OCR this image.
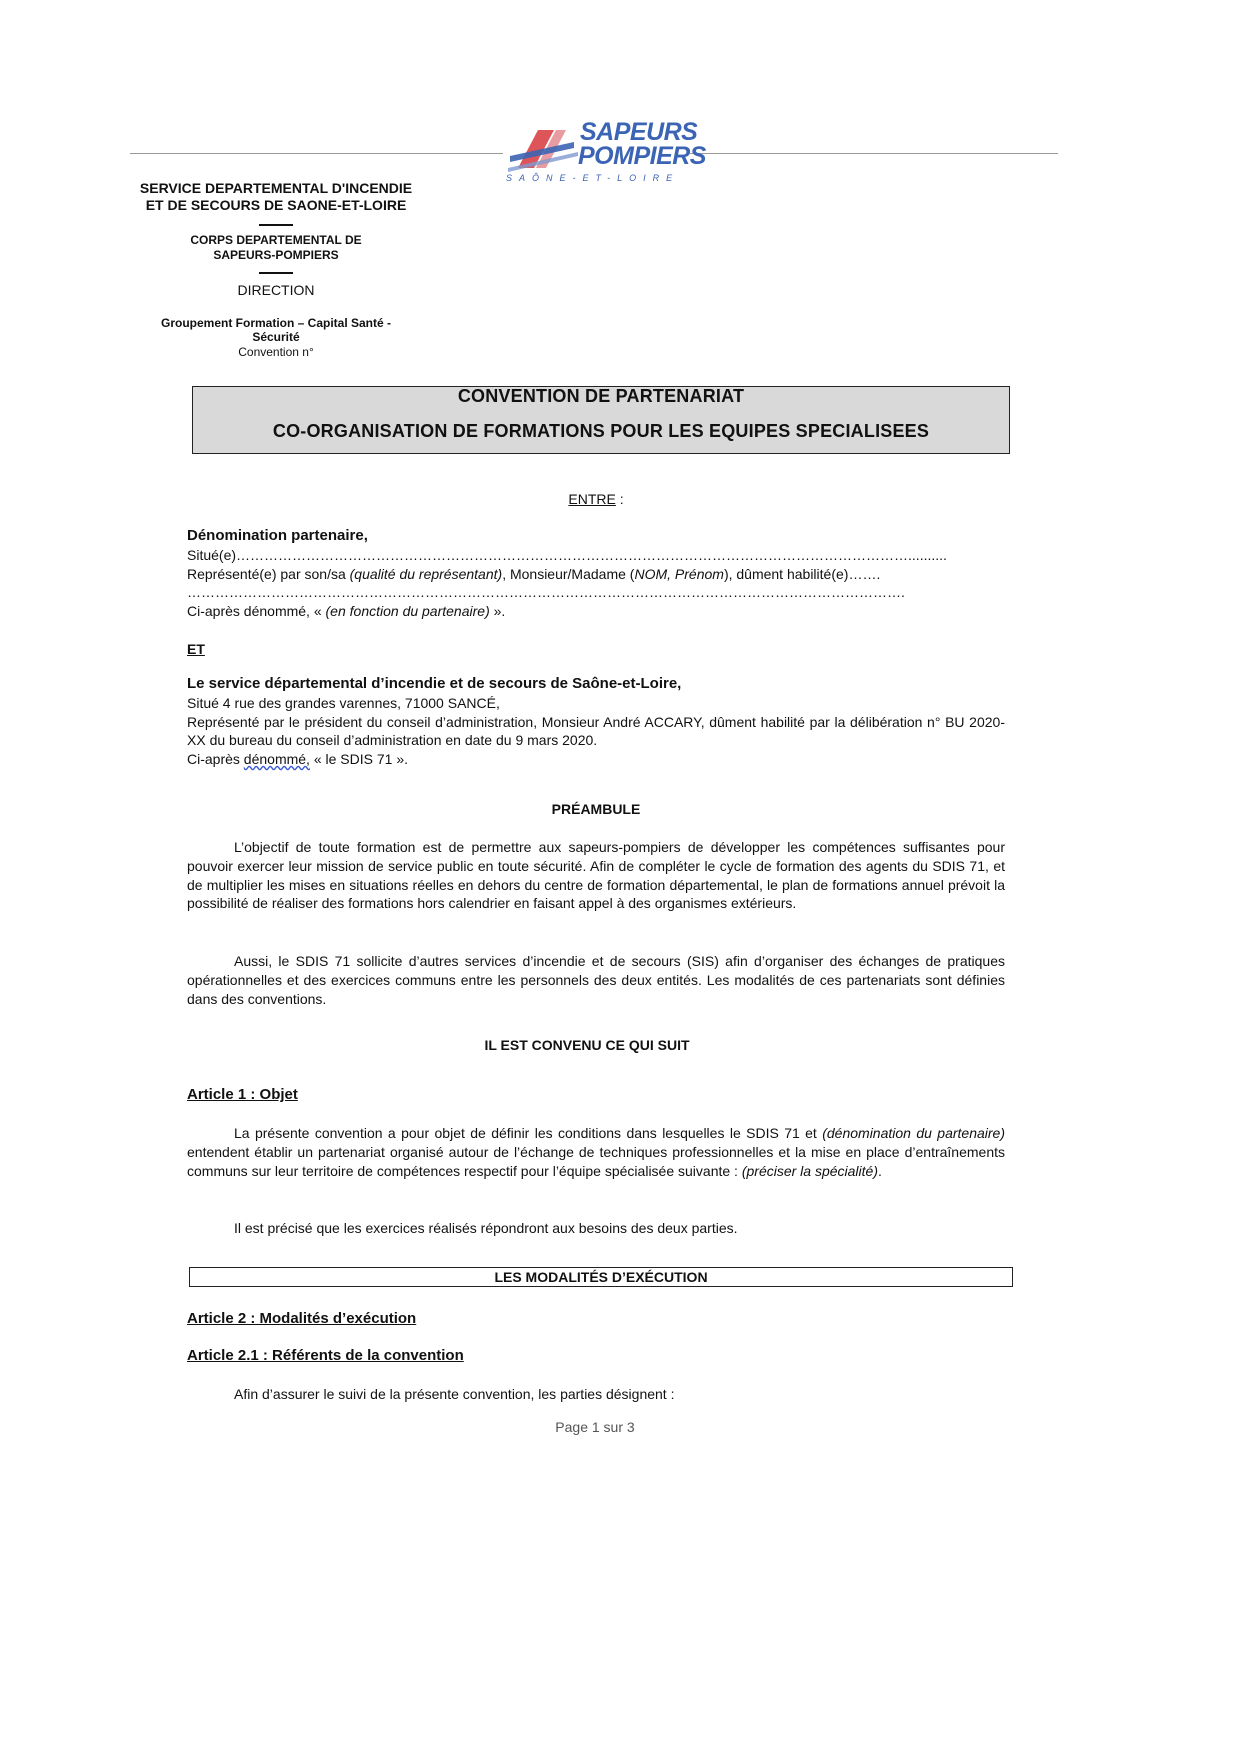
SAPEURS
POMPIERS
SAÔNE-ET-LOIRE
SERVICE DEPARTEMENTAL D'INCENDIE
ET DE SECOURS DE SAONE-ET-LOIRE
CORPS DEPARTEMENTAL DE
SAPEURS-POMPIERS
DIRECTION
Groupement Formation – Capital Santé -
Sécurité
Convention n°
CONVENTION DE PARTENARIAT
CO-ORGANISATION DE FORMATIONS POUR LES EQUIPES SPECIALISEES
ENTRE :
Dénomination partenaire,
Situé(e)………………………………………………………………………………………………………………………………..........
Représenté(e) par son/sa (qualité du représentant), Monsieur/Madame (NOM, Prénom), dûment habilité(e)…….
……………………………………………………………………………………………………………………………………….
Ci-après dénommé, « (en fonction du partenaire) ».
ET
Le service départemental d’incendie et de secours de Saône-et-Loire,
Situé 4 rue des grandes varennes, 71000 SANCÉ,
Représenté par le président du conseil d’administration, Monsieur André ACCARY, dûment habilité par la délibération n° BU 2020-XX du bureau du conseil d’administration en date du 9 mars 2020.
Ci-après dénommé, « le SDIS 71 ».
PRÉAMBULE
L’objectif de toute formation est de permettre aux sapeurs-pompiers de développer les compétences suffisantes pour pouvoir exercer leur mission de service public en toute sécurité. Afin de compléter le cycle de formation des agents du SDIS 71, et de multiplier les mises en situations réelles en dehors du centre de formation départemental, le plan de formations annuel prévoit la possibilité de réaliser des formations hors calendrier en faisant appel à des organismes extérieurs.
Aussi, le SDIS 71 sollicite d’autres services d’incendie et de secours (SIS) afin d’organiser des échanges de pratiques opérationnelles et des exercices communs entre les personnels des deux entités. Les modalités de ces partenariats sont définies dans des conventions.
IL EST CONVENU CE QUI SUIT
Article 1 : Objet
La présente convention a pour objet de définir les conditions dans lesquelles le SDIS 71 et (dénomination du partenaire) entendent établir un partenariat organisé autour de l’échange de techniques professionnelles et la mise en place d’entraînements communs sur leur territoire de compétences respectif pour l’équipe spécialisée suivante : (préciser la spécialité).
Il est précisé que les exercices réalisés répondront aux besoins des deux parties.
LES MODALITÉS D’EXÉCUTION
Article 2 : Modalités d’exécution
Article 2.1 : Référents de la convention
Afin d’assurer le suivi de la présente convention, les parties désignent :
Page 1 sur 3
